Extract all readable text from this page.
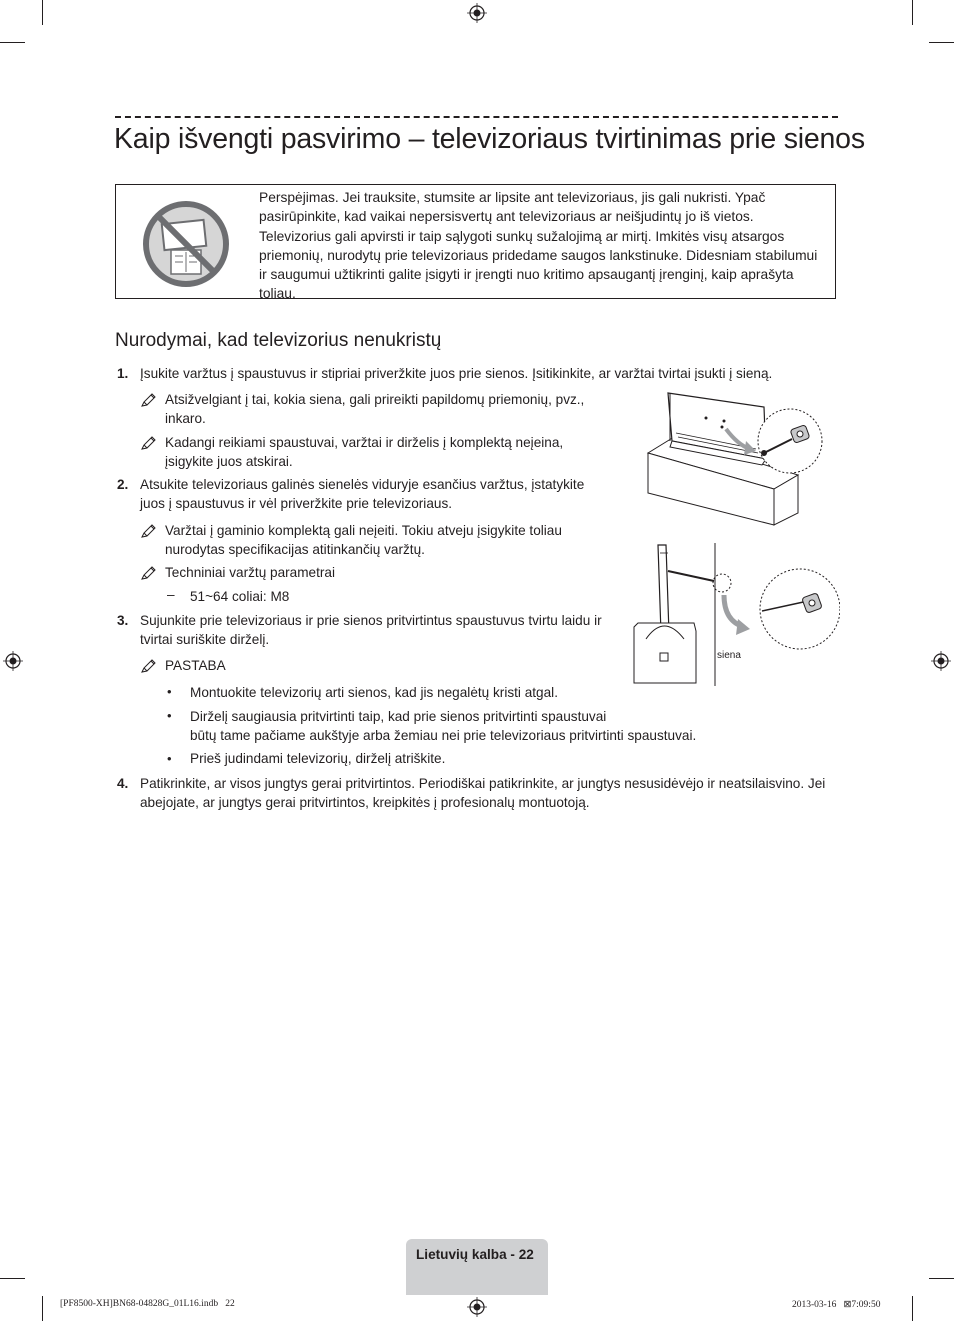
Kaip išvengti pasvirimo – televizoriaus tvirtinimas prie sienos
Perspėjimas. Jei trauksite, stumsite ar lipsite ant televizoriaus, jis gali nukristi. Ypač pasirūpinkite, kad vaikai nepersisvertų ant televizoriaus ar neišjudintų jo iš vietos. Televizorius gali apvirsti ir taip sąlygoti sunkų sužalojimą ar mirtį. Imkitės visų atsargos priemonių, nurodytų prie televizoriaus pridedame saugos lankstinuke. Didesniam stabilumui ir saugumui užtikrinti galite įsigyti ir įrengti nuo kritimo apsaugantį įrenginį, kaip aprašyta toliau.
Nurodymai, kad televizorius nenukristų
1. Įsukite varžtus į spaustuvus ir stipriai priveržkite juos prie sienos. Įsitikinkite, ar varžtai tvirtai įsukti į sieną.
Atsižvelgiant į tai, kokia siena, gali prireikti papildomų priemonių, pvz.,
inkaro.
Kadangi reikiami spaustuvai, varžtai ir dirželis į komplektą neįeina,
įsigykite juos atskirai.
2. Atsukite televizoriaus galinės sienelės viduryje esančius varžtus, įstatykite
juos į spaustuvus ir vėl priveržkite prie televizoriaus.
Varžtai į gaminio komplektą gali neįeiti. Tokiu atveju įsigykite toliau
nurodytas specifikacijas atitinkančių varžtų.
Techniniai varžtų parametrai
– 51~64 coliai: M8
3. Sujunkite prie televizoriaus ir prie sienos pritvirtintus spaustuvus tvirtu laidu ir
tvirtai suriškite dirželį.
PASTABA
• Montuokite televizorių arti sienos, kad jis negalėtų kristi atgal.
• Dirželį saugiausia pritvirtinti taip, kad prie sienos pritvirtinti spaustuvai
būtų tame pačiame aukštyje arba žemiau nei prie televizoriaus pritvirtinti spaustuvai.
• Prieš judindami televizorių, dirželį atriškite.
4. Patikrinkite, ar visos jungtys gerai pritvirtintos. Periodiškai patikrinkite, ar jungtys nesusidėvėjo ir neatsilaisvino. Jei
abejojate, ar jungtys gerai pritvirtintos, kreipkitės į profesionalų montuotoją.
siena
Lietuvių kalba - 22
[PF8500-XH]BN68-04828G_01L16.indb   22	2013-03-16   ⊠7:09:50
